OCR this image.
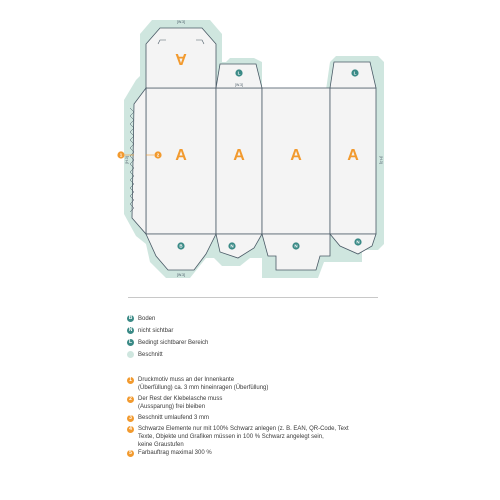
A
A	A	A	A
L	L
B	N	N
N
1	2
[W.3]
[W.3]
[W.3]
[H.3]	[H.3]
B Boden
N nicht sichtbar
L Bedingt sichtbarer Bereich
Beschnitt
1	Druckmotiv muss an der Innenkante
(Überfüllung) ca. 3 mm hineinragen (Überfüllung)
2	Der Rest der Klebelasche muss
(Aussparung) frei bleiben
3	Beschnitt umlaufend 3 mm
4	Schwarze Elemente nur mit 100% Schwarz anlegen (z. B. EAN, QR-Code, Text
Texte, Objekte und Grafiken müssen in 100 % Schwarz angelegt sein,
keine Graustufen
5	Farbauftrag maximal 300 %
